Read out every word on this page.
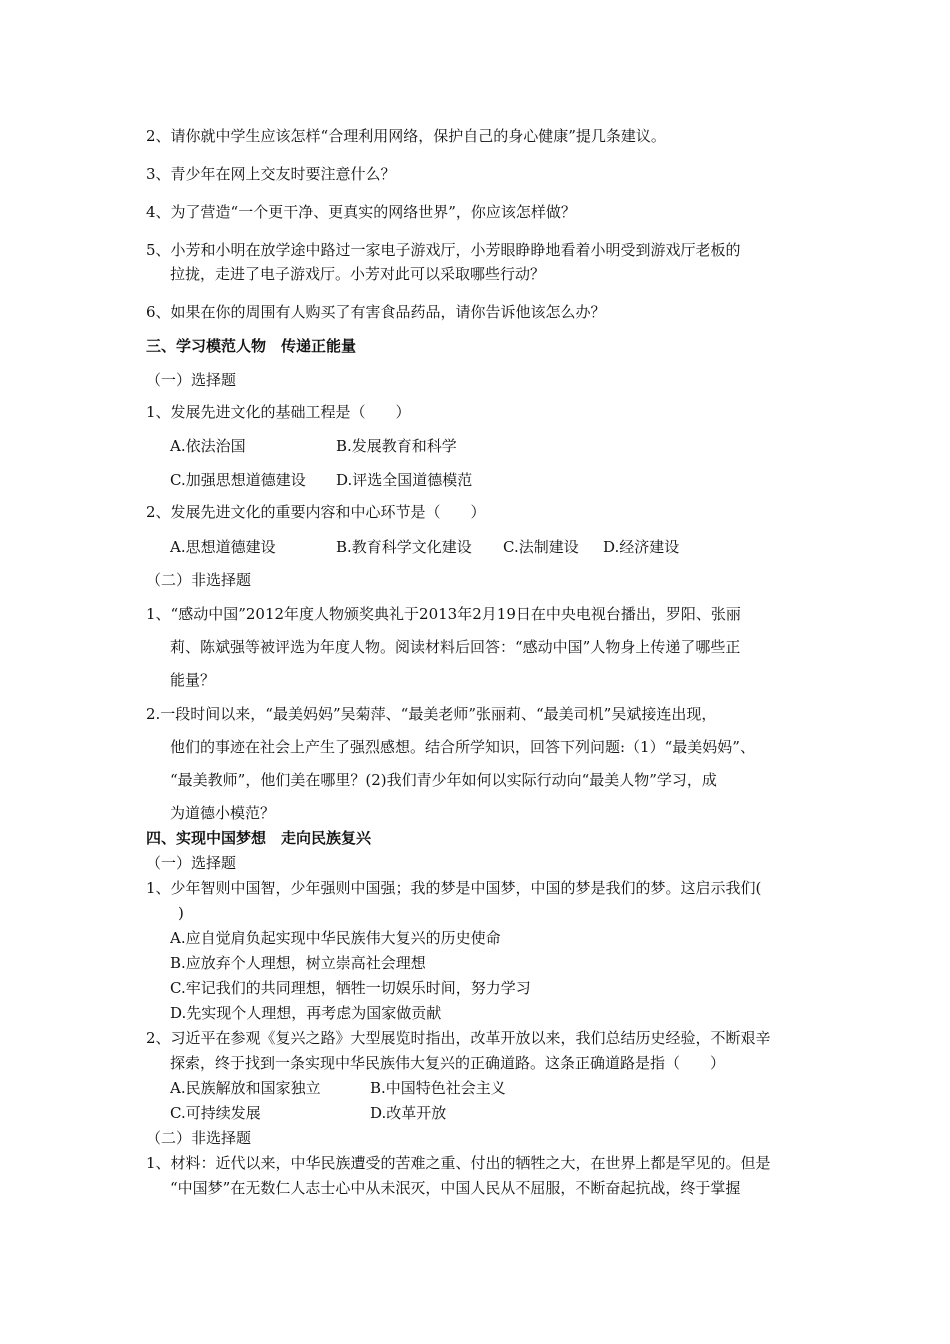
2、请你就中学生应该怎样“合理利用网络，保护自己的身心健康”提几条建议。
3、青少年在网上交友时要注意什么？
4、为了营造“一个更干净、更真实的网络世界”，你应该怎样做？
5、小芳和小明在放学途中路过一家电子游戏厅，小芳眼睁睁地看着小明受到游戏厅老板的
拉拢，走进了电子游戏厅。小芳对此可以采取哪些行动？
6、如果在你的周围有人购买了有害食品药品，请你告诉他该怎么办？
三、学习模范人物　传递正能量
（一）选择题
1、发展先进文化的基础工程是（　　）
A.依法治国	B.发展教育和科学
C.加强思想道德建设 D.评选全国道德模范
2、发展先进文化的重要内容和中心环节是（　　）
A.思想道德建设	B.教育科学文化建设 C.法制建设 D.经济建设
（二）非选择题
1、“感动中国”2012年度人物颁奖典礼于2013年2月19日在中央电视台播出，罗阳、张丽
莉、陈斌强等被评选为年度人物。阅读材料后回答：“感动中国”人物身上传递了哪些正
能量？
2.一段时间以来，“最美妈妈”吴菊萍、“最美老师”张丽莉、“最美司机”吴斌接连出现，
他们的事迹在社会上产生了强烈感想。结合所学知识，回答下列问题:（1）“最美妈妈”、
“最美教师”，他们美在哪里？(2)我们青少年如何以实际行动向“最美人物”学习，成
为道德小模范？
四、实现中国梦想　走向民族复兴
（一）选择题
1、少年智则中国智，少年强则中国强；我的梦是中国梦，中国的梦是我们的梦。这启示我们(
)
A.应自觉肩负起实现中华民族伟大复兴的历史使命
B.应放弃个人理想，树立崇高社会理想
C.牢记我们的共同理想，牺牲一切娱乐时间，努力学习
D.先实现个人理想，再考虑为国家做贡献
2、习近平在参观《复兴之路》大型展览时指出，改革开放以来，我们总结历史经验，不断艰辛
探索，终于找到一条实现中华民族伟大复兴的正确道路。这条正确道路是指（　　）
A.民族解放和国家独立	B.中国特色社会主义
C.可持续发展	D.改革开放
（二）非选择题
1、材料：近代以来，中华民族遭受的苦难之重、付出的牺牲之大，在世界上都是罕见的。但是
“中国梦”在无数仁人志士心中从未泯灭，中国人民从不屈服，不断奋起抗战，终于掌握
